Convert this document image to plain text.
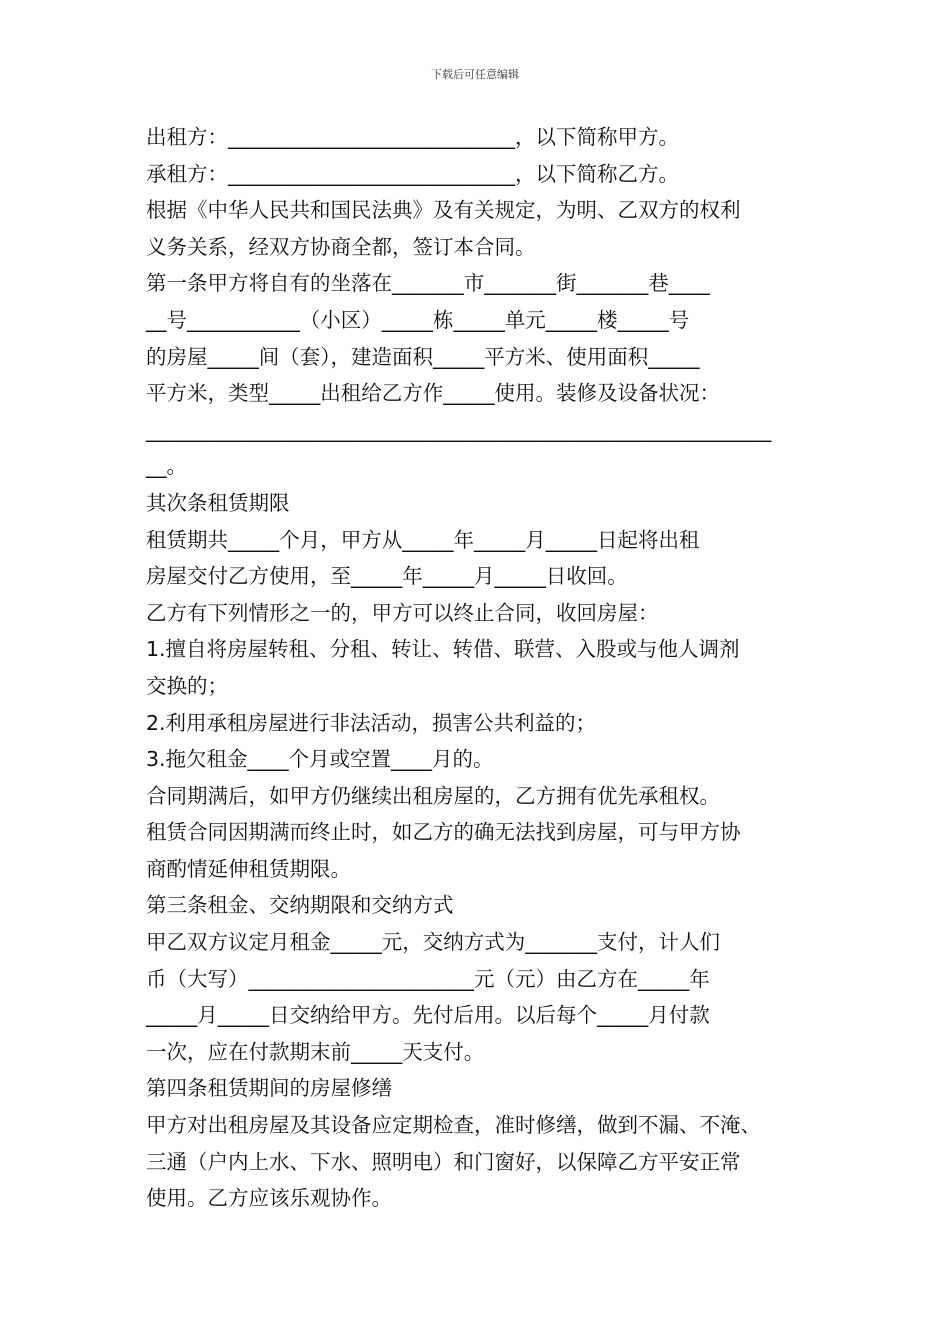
下载后可任意编辑
出租方：____________________________，以下简称甲方。
承租方：____________________________，以下简称乙方。
根据《中华人民共和国民法典》及有关规定，为明、乙双方的权利
义务关系，经双方协商全都，签订本合同。
第一条甲方将自有的坐落在_______市_______街_______巷____
__号___________（小区）_____栋_____单元_____楼_____号
的房屋_____间（套），建造面积_____平方米、使用面积_____
平方米，类型_____出租给乙方作_____使用。装修及设备状况：
_____________________________________________________________
__。
其次条租赁期限
租赁期共_____个月，甲方从_____年_____月_____日起将出租
房屋交付乙方使用，至_____年_____月_____日收回。
乙方有下列情形之一的，甲方可以终止合同，收回房屋：
1.擅自将房屋转租、分租、转让、转借、联营、入股或与他人调剂
交换的；
2.利用承租房屋进行非法活动，损害公共利益的；
3.拖欠租金____个月或空置____月的。
合同期满后，如甲方仍继续出租房屋的，乙方拥有优先承租权。
租赁合同因期满而终止时，如乙方的确无法找到房屋，可与甲方协
商酌情延伸租赁期限。
第三条租金、交纳期限和交纳方式
甲乙双方议定月租金_____元，交纳方式为_______支付，计人们
币（大写）______________________元（元）由乙方在_____年
_____月_____日交纳给甲方。先付后用。以后每个_____月付款
一次，应在付款期末前_____天支付。
第四条租赁期间的房屋修缮
甲方对出租房屋及其设备应定期检查，准时修缮，做到不漏、不淹、
三通（户内上水、下水、照明电）和门窗好，以保障乙方平安正常
使用。乙方应该乐观协作。
